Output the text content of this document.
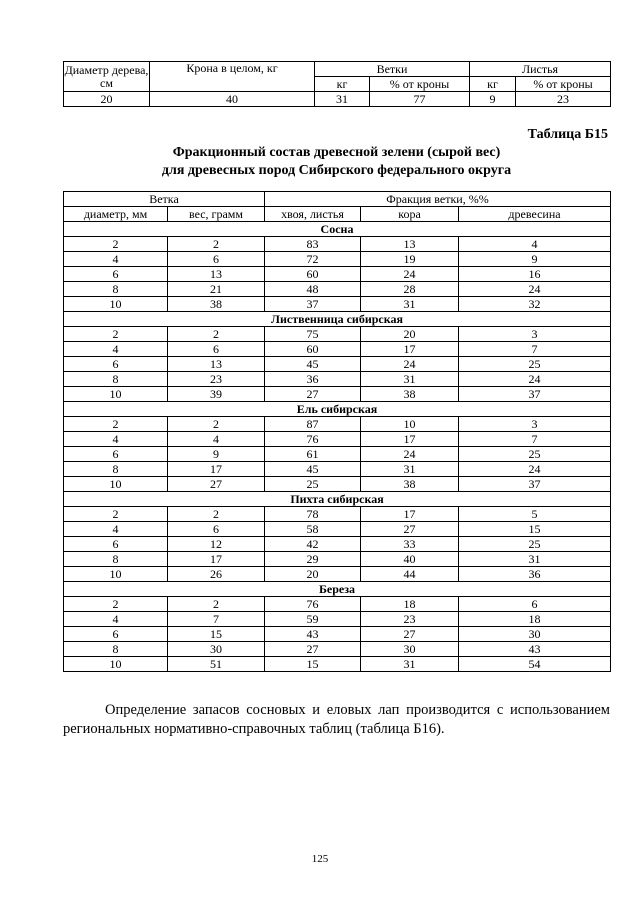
Диаметр дерева, см	Крона в целом, кг	Ветки		Листья	
		кг	% от кроны	кг	% от кроны
20	40	31	77	9	23
Таблица Б15
Фракционный состав древесной зелени (сырой вес)
для древесных пород Сибирского федерального округа
Ветка		Фракция ветки, %%		
диаметр, мм	вес, грамм	хвоя, листья	кора	древесина
Сосна				
2	2	83	13	4
4	6	72	19	9
6	13	60	24	16
8	21	48	28	24
10	38	37	31	32
Лиственница сибирская				
2	2	75	20	3
4	6	60	17	7
6	13	45	24	25
8	23	36	31	24
10	39	27	38	37
Ель сибирская				
2	2	87	10	3
4	4	76	17	7
6	9	61	24	25
8	17	45	31	24
10	27	25	38	37
Пихта сибирская				
2	2	78	17	5
4	6	58	27	15
6	12	42	33	25
8	17	29	40	31
10	26	20	44	36
Береза				
2	2	76	18	6
4	7	59	23	18
6	15	43	27	30
8	30	27	30	43
10	51	15	31	54
Определение запасов сосновых и еловых лап производится с использованием региональных нормативно-справочных таблиц (таблица Б16).
125
